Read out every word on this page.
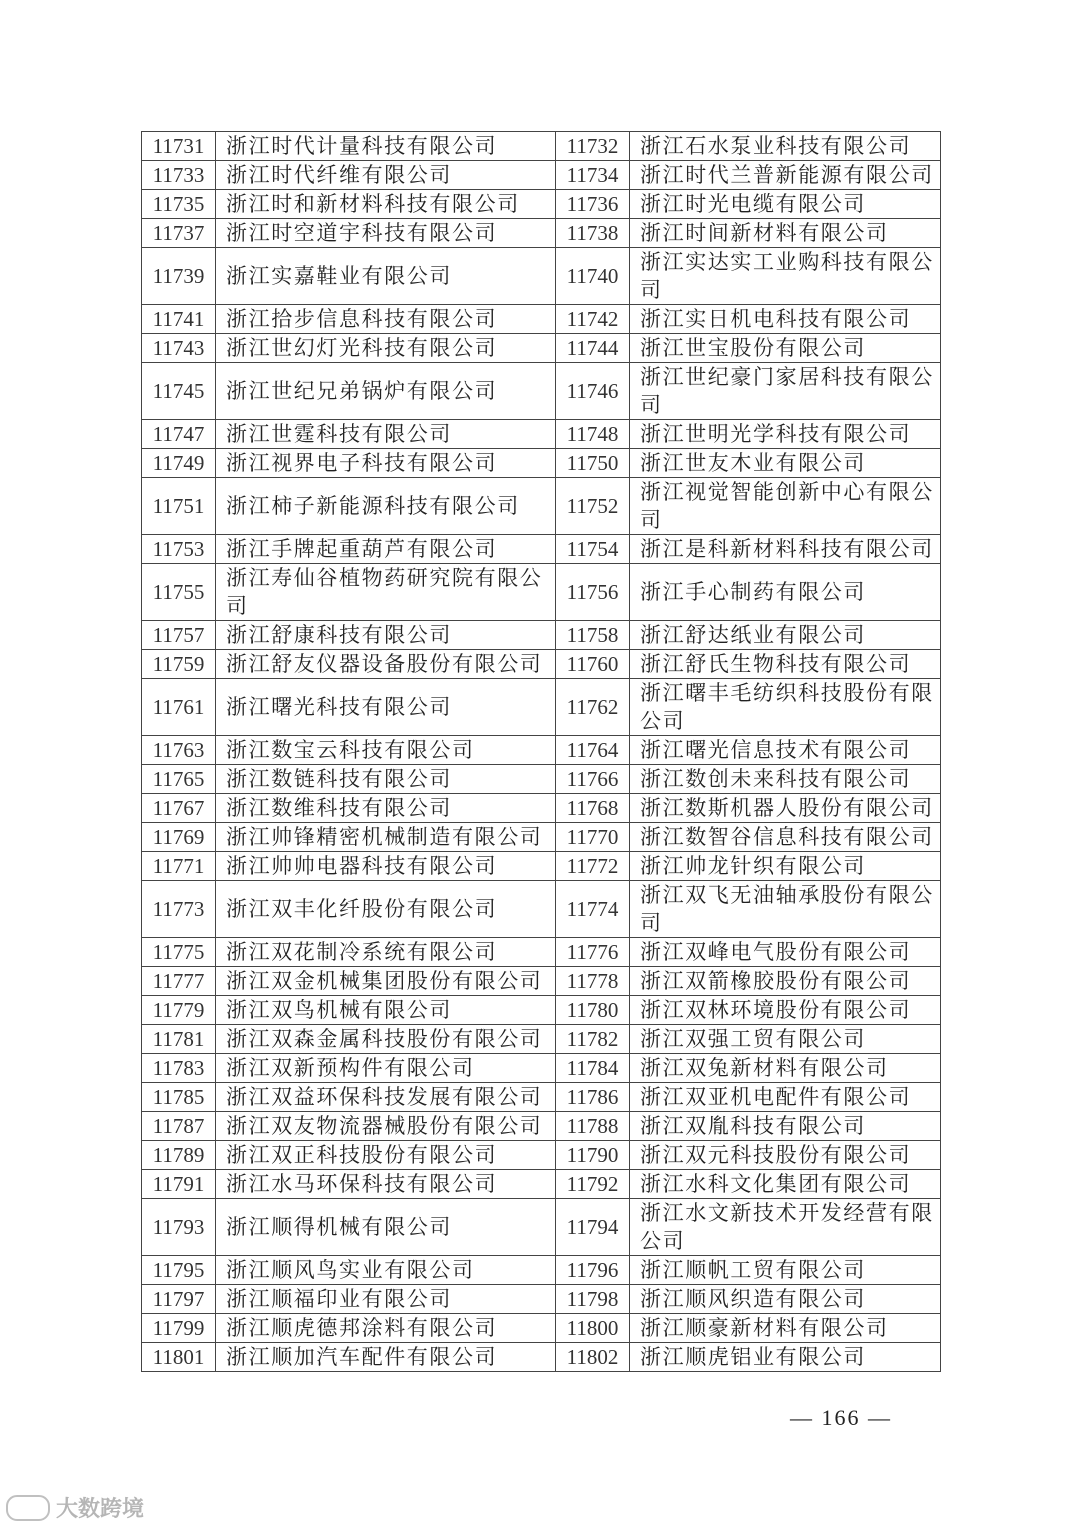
11731	浙江时代计量科技有限公司	11732	浙江石水泵业科技有限公司
11733	浙江时代纤维有限公司	11734	浙江时代兰普新能源有限公司
11735	浙江时和新材料科技有限公司	11736	浙江时光电缆有限公司
11737	浙江时空道宇科技有限公司	11738	浙江时间新材料有限公司
11739	浙江实嘉鞋业有限公司	11740	浙江实达实工业购科技有限公司
11741	浙江拾步信息科技有限公司	11742	浙江实日机电科技有限公司
11743	浙江世幻灯光科技有限公司	11744	浙江世宝股份有限公司
11745	浙江世纪兄弟锅炉有限公司	11746	浙江世纪豪门家居科技有限公司
11747	浙江世霆科技有限公司	11748	浙江世明光学科技有限公司
11749	浙江视界电子科技有限公司	11750	浙江世友木业有限公司
11751	浙江柿子新能源科技有限公司	11752	浙江视觉智能创新中心有限公司
11753	浙江手牌起重葫芦有限公司	11754	浙江是科新材料科技有限公司
11755	浙江寿仙谷植物药研究院有限公司	11756	浙江手心制药有限公司
11757	浙江舒康科技有限公司	11758	浙江舒达纸业有限公司
11759	浙江舒友仪器设备股份有限公司	11760	浙江舒氏生物科技有限公司
11761	浙江曙光科技有限公司	11762	浙江曙丰毛纺织科技股份有限公司
11763	浙江数宝云科技有限公司	11764	浙江曙光信息技术有限公司
11765	浙江数链科技有限公司	11766	浙江数创未来科技有限公司
11767	浙江数维科技有限公司	11768	浙江数斯机器人股份有限公司
11769	浙江帅锋精密机械制造有限公司	11770	浙江数智谷信息科技有限公司
11771	浙江帅帅电器科技有限公司	11772	浙江帅龙针织有限公司
11773	浙江双丰化纤股份有限公司	11774	浙江双飞无油轴承股份有限公司
11775	浙江双花制冷系统有限公司	11776	浙江双峰电气股份有限公司
11777	浙江双金机械集团股份有限公司	11778	浙江双箭橡胶股份有限公司
11779	浙江双鸟机械有限公司	11780	浙江双林环境股份有限公司
11781	浙江双森金属科技股份有限公司	11782	浙江双强工贸有限公司
11783	浙江双新预构件有限公司	11784	浙江双兔新材料有限公司
11785	浙江双益环保科技发展有限公司	11786	浙江双亚机电配件有限公司
11787	浙江双友物流器械股份有限公司	11788	浙江双胤科技有限公司
11789	浙江双正科技股份有限公司	11790	浙江双元科技股份有限公司
11791	浙江水马环保科技有限公司	11792	浙江水科文化集团有限公司
11793	浙江顺得机械有限公司	11794	浙江水文新技术开发经营有限公司
11795	浙江顺风鸟实业有限公司	11796	浙江顺帆工贸有限公司
11797	浙江顺福印业有限公司	11798	浙江顺风织造有限公司
11799	浙江顺虎德邦涂料有限公司	11800	浙江顺豪新材料有限公司
11801	浙江顺加汽车配件有限公司	11802	浙江顺虎铝业有限公司
— 166 —
大数跨境
